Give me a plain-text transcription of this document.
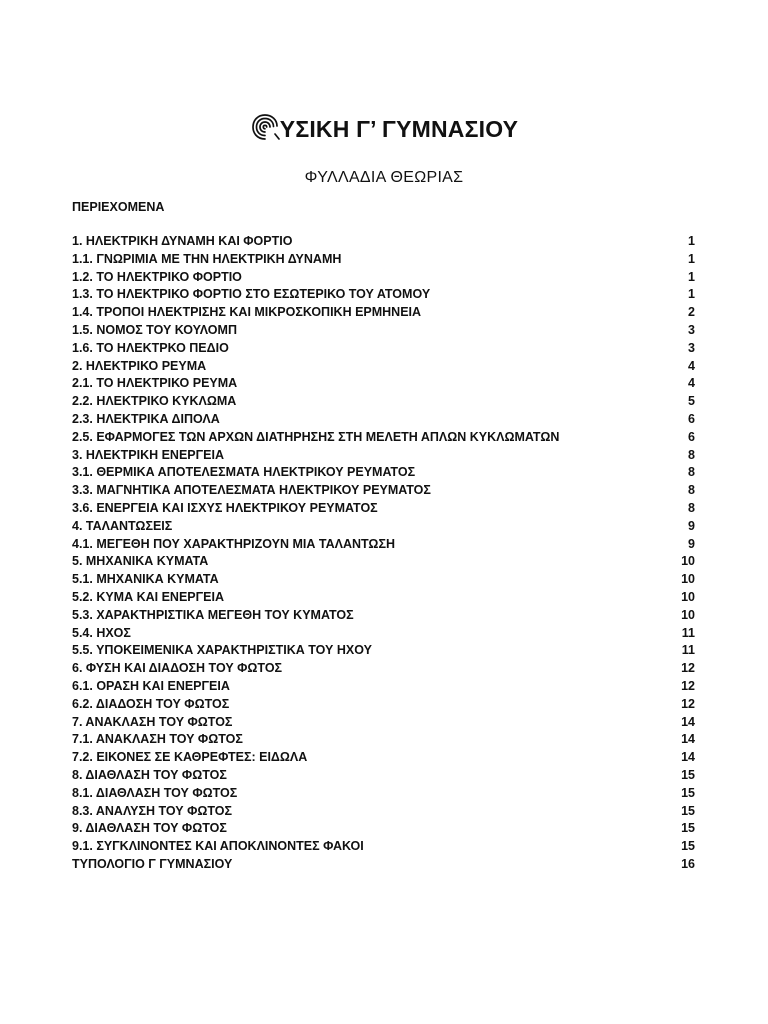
ΥΣΙΚΗ Γ’ ΓΥΜΝΑΣΙΟΥ
ΦΥΛΛΑΔΙΑ ΘΕΩΡΙΑΣ
ΠΕΡΙΕΧΟΜΕΝΑ
1. ΗΛΕΚΤΡΙΚΗ ΔΥΝΑΜΗ ΚΑΙ ΦΟΡΤΙΟ	1
1.1. ΓΝΩΡΙΜΙΑ ΜΕ ΤΗΝ ΗΛΕΚΤΡΙΚΗ ΔΥΝΑΜΗ	1
1.2. ΤΟ ΗΛΕΚΤΡΙΚΟ ΦΟΡΤΙΟ	1
1.3. ΤΟ ΗΛΕΚΤΡΙΚΟ ΦΟΡΤΙΟ ΣΤΟ ΕΣΩΤΕΡΙΚΟ ΤΟΥ ΑΤΟΜΟΥ	1
1.4. ΤΡΟΠΟΙ ΗΛΕΚΤΡΙΣΗΣ ΚΑΙ ΜΙΚΡΟΣΚΟΠΙΚΗ ΕΡΜΗΝΕΙΑ	2
1.5. ΝΟΜΟΣ ΤΟΥ ΚΟΥΛΟΜΠ	3
1.6. ΤΟ ΗΛΕΚΤΡΚΟ ΠΕΔΙΟ	3
2. ΗΛΕΚΤΡΙΚΟ ΡΕΥΜΑ	4
2.1. ΤΟ ΗΛΕΚΤΡΙΚΟ ΡΕΥΜΑ	4
2.2. ΗΛΕΚΤΡΙΚΟ ΚΥΚΛΩΜΑ	5
2.3. ΗΛΕΚΤΡΙΚΑ ΔΙΠΟΛΑ	6
2.5. ΕΦΑΡΜΟΓΕΣ ΤΩΝ ΑΡΧΩΝ ΔΙΑΤΗΡΗΣΗΣ ΣΤΗ ΜΕΛΕΤΗ ΑΠΛΩΝ ΚΥΚΛΩΜΑΤΩΝ	6
3. ΗΛΕΚΤΡΙΚΗ ΕΝΕΡΓΕΙΑ	8
3.1. ΘΕΡΜΙΚΑ ΑΠΟΤΕΛΕΣΜΑΤΑ ΗΛΕΚΤΡΙΚΟΥ ΡΕΥΜΑΤΟΣ	8
3.3. ΜΑΓΝΗΤΙΚΑ ΑΠΟΤΕΛΕΣΜΑΤΑ ΗΛΕΚΤΡΙΚΟΥ ΡΕΥΜΑΤΟΣ	8
3.6. ΕΝΕΡΓΕΙΑ ΚΑΙ ΙΣΧΥΣ ΗΛΕΚΤΡΙΚΟΥ ΡΕΥΜΑΤΟΣ	8
4. ΤΑΛΑΝΤΩΣΕΙΣ	9
4.1. ΜΕΓΕΘΗ ΠΟΥ ΧΑΡΑΚΤΗΡΙΖΟΥΝ ΜΙΑ ΤΑΛΑΝΤΩΣΗ	9
5. ΜΗΧΑΝΙΚΑ ΚΥΜΑΤΑ	10
5.1. ΜΗΧΑΝΙΚΑ ΚΥΜΑΤΑ	10
5.2. ΚΥΜΑ ΚΑΙ ΕΝΕΡΓΕΙΑ	10
5.3. ΧΑΡΑΚΤΗΡΙΣΤΙΚΑ ΜΕΓΕΘΗ ΤΟΥ ΚΥΜΑΤΟΣ	10
5.4. ΗΧΟΣ	11
5.5. ΥΠΟΚΕΙΜΕΝΙΚΑ ΧΑΡΑΚΤΗΡΙΣΤΙΚΑ ΤΟΥ ΗΧΟΥ	11
6. ΦΥΣΗ ΚΑΙ ΔΙΑΔΟΣΗ ΤΟΥ ΦΩΤΟΣ	12
6.1. ΟΡΑΣΗ ΚΑΙ ΕΝΕΡΓΕΙΑ	12
6.2. ΔΙΑΔΟΣΗ ΤΟΥ ΦΩΤΟΣ	12
7. ΑΝΑΚΛΑΣΗ ΤΟΥ ΦΩΤΟΣ	14
7.1. ΑΝΑΚΛΑΣΗ ΤΟΥ ΦΩΤΟΣ	14
7.2. ΕΙΚΟΝΕΣ ΣΕ ΚΑΘΡΕΦΤΕΣ: ΕΙΔΩΛΑ	14
8. ΔΙΑΘΛΑΣΗ ΤΟΥ ΦΩΤΟΣ	15
8.1. ΔΙΑΘΛΑΣΗ ΤΟΥ ΦΩΤΟΣ	15
8.3. ΑΝΑΛΥΣΗ ΤΟΥ ΦΩΤΟΣ	15
9. ΔΙΑΘΛΑΣΗ ΤΟΥ ΦΩΤΟΣ	15
9.1. ΣΥΓΚΛΙΝΟΝΤΕΣ ΚΑΙ ΑΠΟΚΛΙΝΟΝΤΕΣ ΦΑΚΟΙ	15
ΤΥΠΟΛΟΓΙΟ Γ ΓΥΜΝΑΣΙΟΥ	16
